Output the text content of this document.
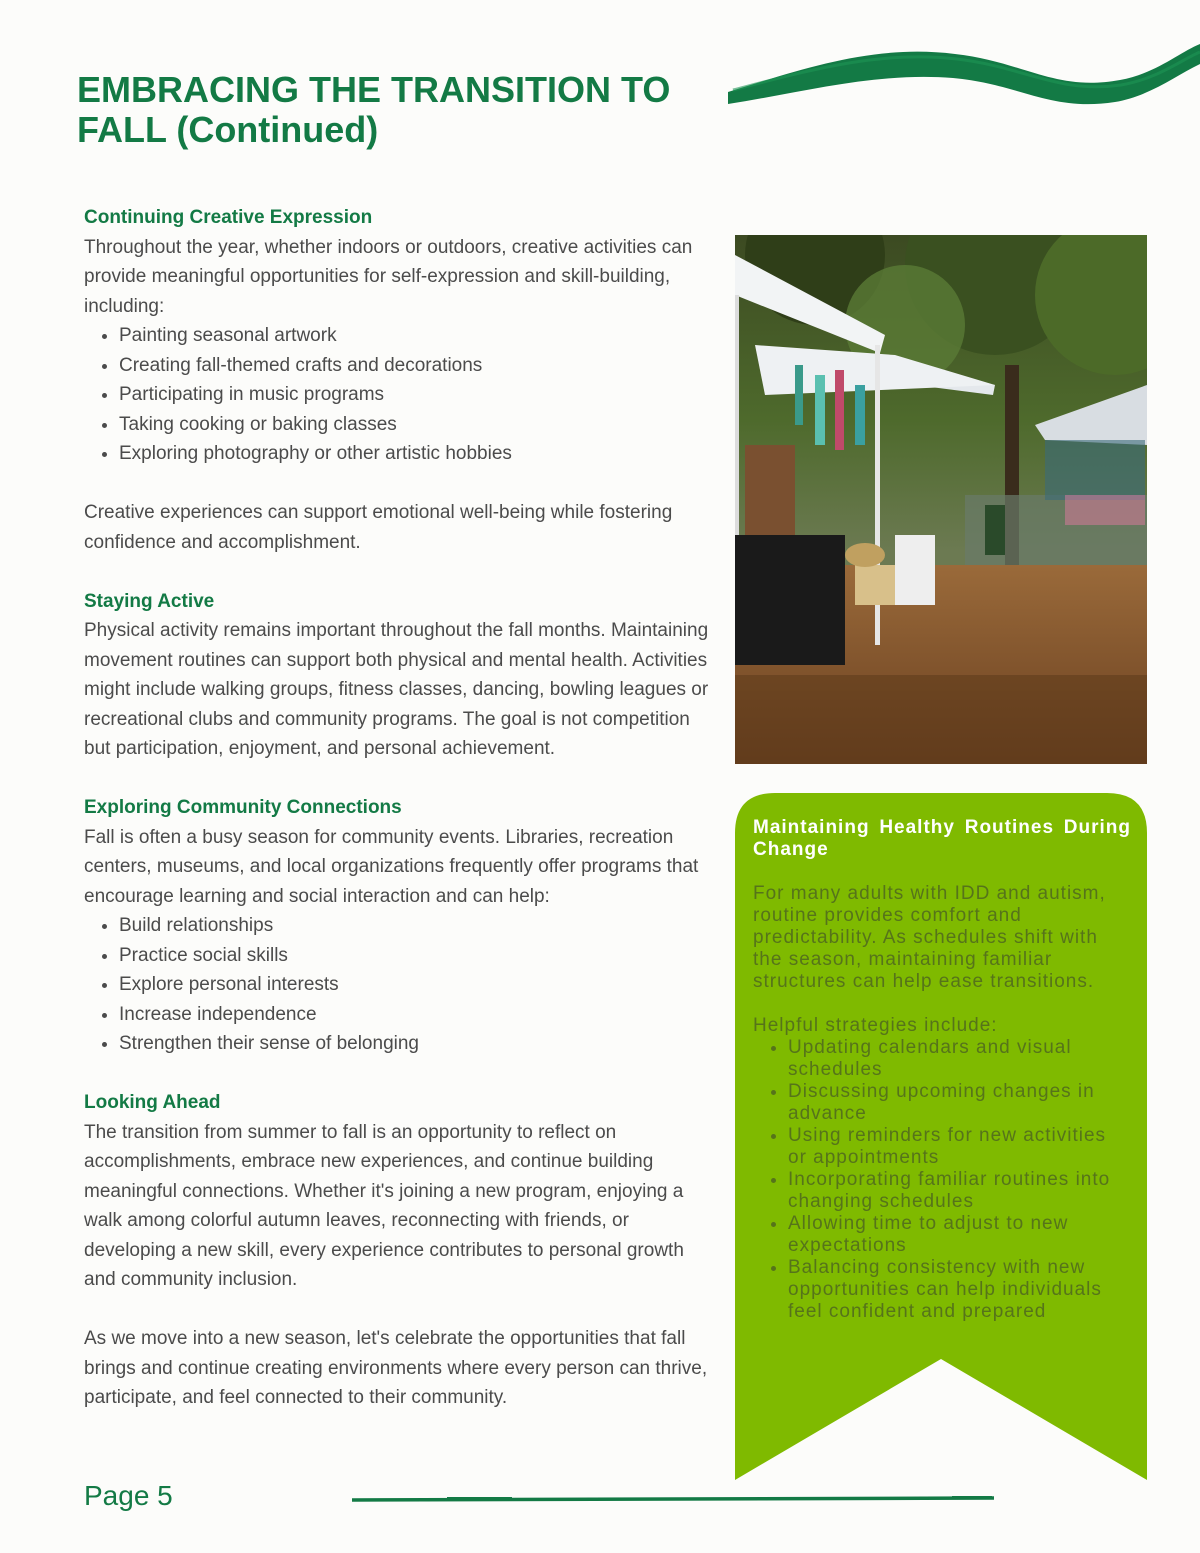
EMBRACING THE TRANSITION TO FALL (Continued)
Continuing Creative Expression

Throughout the year, whether indoors or outdoors, creative activities can provide meaningful opportunities for self-expression and skill-building, including:

• Painting seasonal artwork
• Creating fall-themed crafts and decorations
• Participating in music programs
• Taking cooking or baking classes
• Exploring photography or other artistic hobbies

Creative experiences can support emotional well-being while fostering confidence and accomplishment.

Staying Active

Physical activity remains important throughout the fall months. Maintaining movement routines can support both physical and mental health. Activities might include walking groups, fitness classes, dancing, bowling leagues or recreational clubs and community programs. The goal is not competition but participation, enjoyment, and personal achievement.

Exploring Community Connections

Fall is often a busy season for community events. Libraries, recreation centers, museums, and local organizations frequently offer programs that encourage learning and social interaction and can help:

• Build relationships
• Practice social skills
• Explore personal interests
• Increase independence
• Strengthen their sense of belonging
Looking Ahead

The transition from summer to fall is an opportunity to reflect on accomplishments, embrace new experiences, and continue building meaningful connections. Whether it's joining a new program, enjoying a walk among colorful autumn leaves, reconnecting with friends, or developing a new skill, every experience contributes to personal growth and community inclusion.

As we move into a new season, let's celebrate the opportunities that fall brings and continue creating environments where every person can thrive, participate, and feel connected to their community.

Maintaining Healthy Routines During Change

For many adults with IDD and autism, routine provides comfort and predictability. As schedules shift with the season, maintaining familiar structures can help ease transitions.

Helpful strategies include:

• Updating calendars and visual schedules
• Discussing upcoming changes in advance
• Using reminders for new activities or appointments
• Incorporating familiar routines into changing schedules
• Allowing time to adjust to new expectations
• Balancing consistency with new opportunities can help individuals feel confident and prepared
Page 5
